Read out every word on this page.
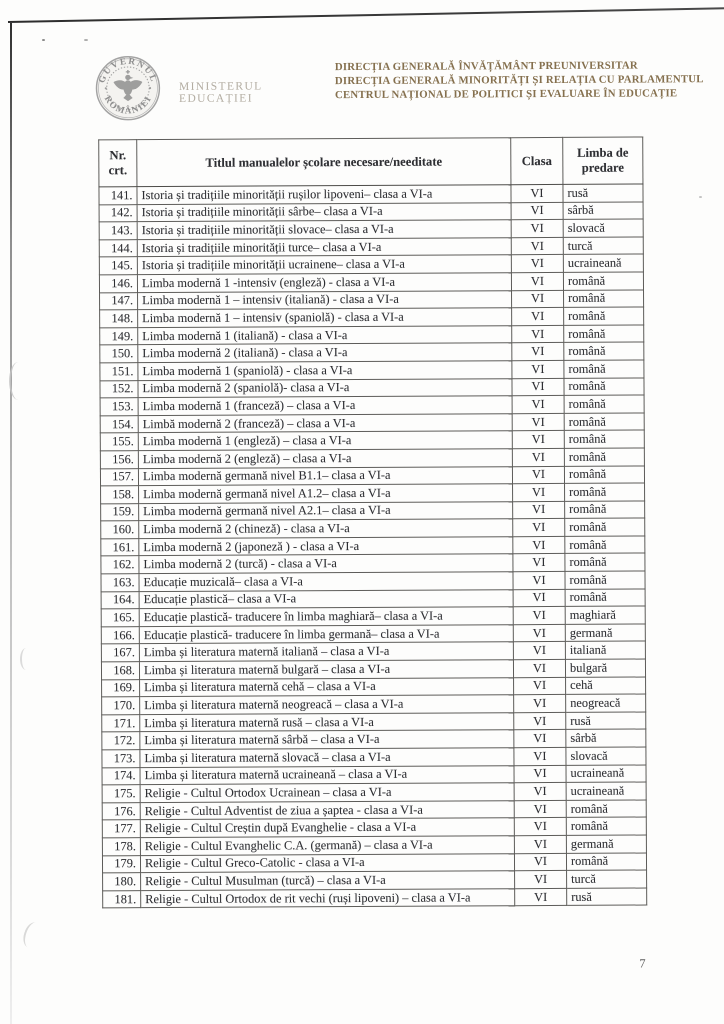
GUVERNUL
ROMÂNIEI
MINISTERUL EDUCAȚIEI
DIRECȚIA GENERALĂ ÎNVĂȚĂMÂNT PREUNIVERSITAR
DIRECȚIA GENERALĂ MINORITĂȚI ȘI RELAȚIA CU PARLAMENTUL
CENTRUL NAȚIONAL DE POLITICI ȘI EVALUARE ÎN EDUCAȚIE
Nr. crt.	Titlul manualelor școlare necesare/needitate	Clasa	Limba de predare
141.	Istoria și tradițiile minorității rușilor lipoveni– clasa a VI-a	VI	rusă
142.	Istoria și tradițiile minorității sârbe– clasa a VI-a	VI	sârbă
143.	Istoria și tradițiile minorității slovace– clasa a VI-a	VI	slovacă
144.	Istoria și tradițiile minorității turce– clasa a VI-a	VI	turcă
145.	Istoria și tradițiile minorității ucrainene– clasa a VI-a	VI	ucraineană
146.	Limba modernă 1 -intensiv (engleză) - clasa a VI-a	VI	română
147.	Limba modernă 1 – intensiv (italiană) - clasa a VI-a	VI	română
148.	Limba modernă 1 – intensiv (spaniolă) - clasa a VI-a	VI	română
149.	Limba modernă 1 (italiană) - clasa a VI-a	VI	română
150.	Limba modernă 2 (italiană) - clasa a VI-a	VI	română
151.	Limba modernă 1 (spaniolă) - clasa a VI-a	VI	română
152.	Limba modernă 2 (spaniolă)- clasa a VI-a	VI	română
153.	Limba modernă 1 (franceză) – clasa a VI-a	VI	română
154.	Limbă modernă 2 (franceză) – clasa a VI-a	VI	română
155.	Limba modernă 1 (engleză) – clasa a VI-a	VI	română
156.	Limba modernă 2 (engleză) – clasa a VI-a	VI	română
157.	Limba modernă germană nivel B1.1– clasa a VI-a	VI	română
158.	Limba modernă germană nivel A1.2– clasa a VI-a	VI	română
159.	Limba modernă germană nivel A2.1– clasa a VI-a	VI	română
160.	Limba modernă 2 (chineză) - clasa a VI-a	VI	română
161.	Limba modernă 2 (japoneză ) - clasa a VI-a	VI	română
162.	Limba modernă 2 (turcă) - clasa a VI-a	VI	română
163.	Educație muzicală– clasa a VI-a	VI	română
164.	Educație plastică– clasa a VI-a	VI	română
165.	Educație plastică- traducere în limba maghiară– clasa a VI-a	VI	maghiară
166.	Educație plastică- traducere în limba germană– clasa a VI-a	VI	germană
167.	Limba și literatura maternă italiană – clasa a VI-a	VI	italiană
168.	Limba și literatura maternă bulgară – clasa a VI-a	VI	bulgară
169.	Limba și literatura maternă cehă – clasa a VI-a	VI	cehă
170.	Limba și literatura maternă neogreacă – clasa a VI-a	VI	neogreacă
171.	Limba și literatura maternă rusă – clasa a VI-a	VI	rusă
172.	Limba și literatura maternă sârbă – clasa a VI-a	VI	sârbă
173.	Limba și literatura maternă slovacă – clasa a VI-a	VI	slovacă
174.	Limba și literatura maternă ucraineană – clasa a VI-a	VI	ucraineană
175.	Religie - Cultul Ortodox Ucrainean – clasa a VI-a	VI	ucraineană
176.	Religie - Cultul Adventist de ziua a șaptea - clasa a VI-a	VI	română
177.	Religie - Cultul Creștin după Evanghelie - clasa a VI-a	VI	română
178.	Religie - Cultul Evanghelic C.A. (germană) – clasa a VI-a	VI	germană
179.	Religie - Cultul Greco-Catolic - clasa a VI-a	VI	română
180.	Religie - Cultul Musulman (turcă) – clasa a VI-a	VI	turcă
181.	Religie - Cultul Ortodox de rit vechi (ruși lipoveni) – clasa a VI-a	VI	rusă
7
